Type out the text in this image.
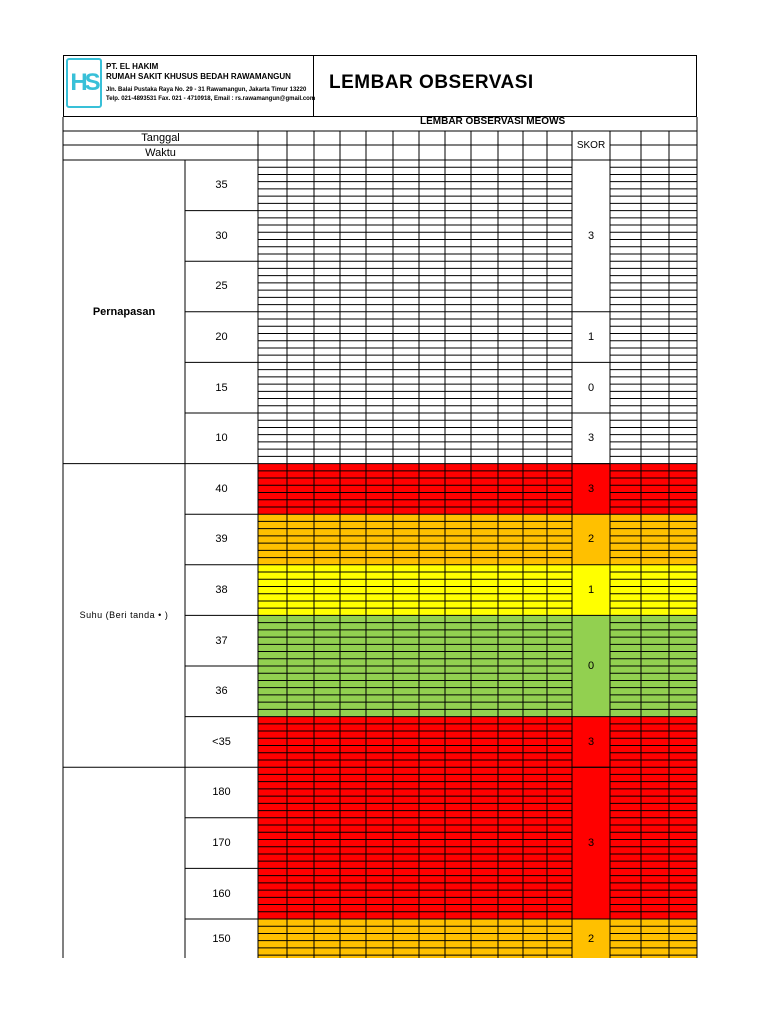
HS
PT. EL HAKIM
RUMAH SAKIT KHUSUS BEDAH RAWAMANGUN
Jln. Balai Pustaka Raya No. 29 - 31 Rawamangun, Jakarta Timur 13220
Telp. 021-4893531 Fax. 021 - 4710918, Email : rs.rawamangun@gmail.com
LEMBAR OBSERVASI
LEMBAR OBSERVASI MEOWS
Tanggal
Waktu
SKOR
35
30
25
20
15
10
3
1
0
3
Pernapasan
40
39
38
37
36
<35
3
2
1
0
3
Suhu (Beri tanda • )
180
170
160
150
3
2
